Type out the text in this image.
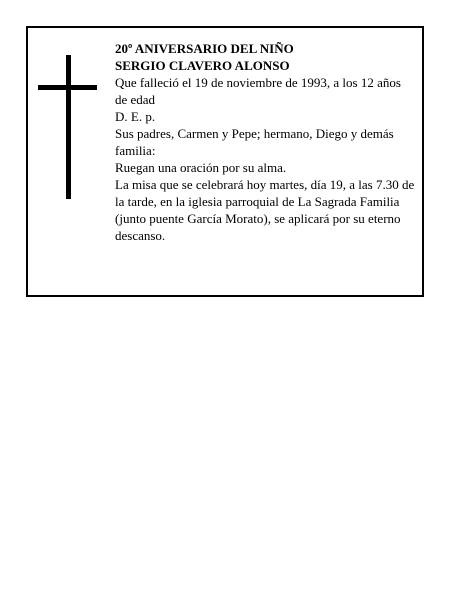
20º ANIVERSARIO DEL NIÑO

SERGIO CLAVERO ALONSO

Que falleció el 19 de noviembre de 1993, a los 12 años de edad

D. E. p.

Sus padres, Carmen y Pepe; hermano, Diego y demás familia:

Ruegan una oración por su alma.

La misa que se celebrará hoy martes, día 19, a las 7.30 de la tarde, en la iglesia parroquial de La Sagrada Familia (junto puente García Morato), se aplicará por su eterno descanso.
